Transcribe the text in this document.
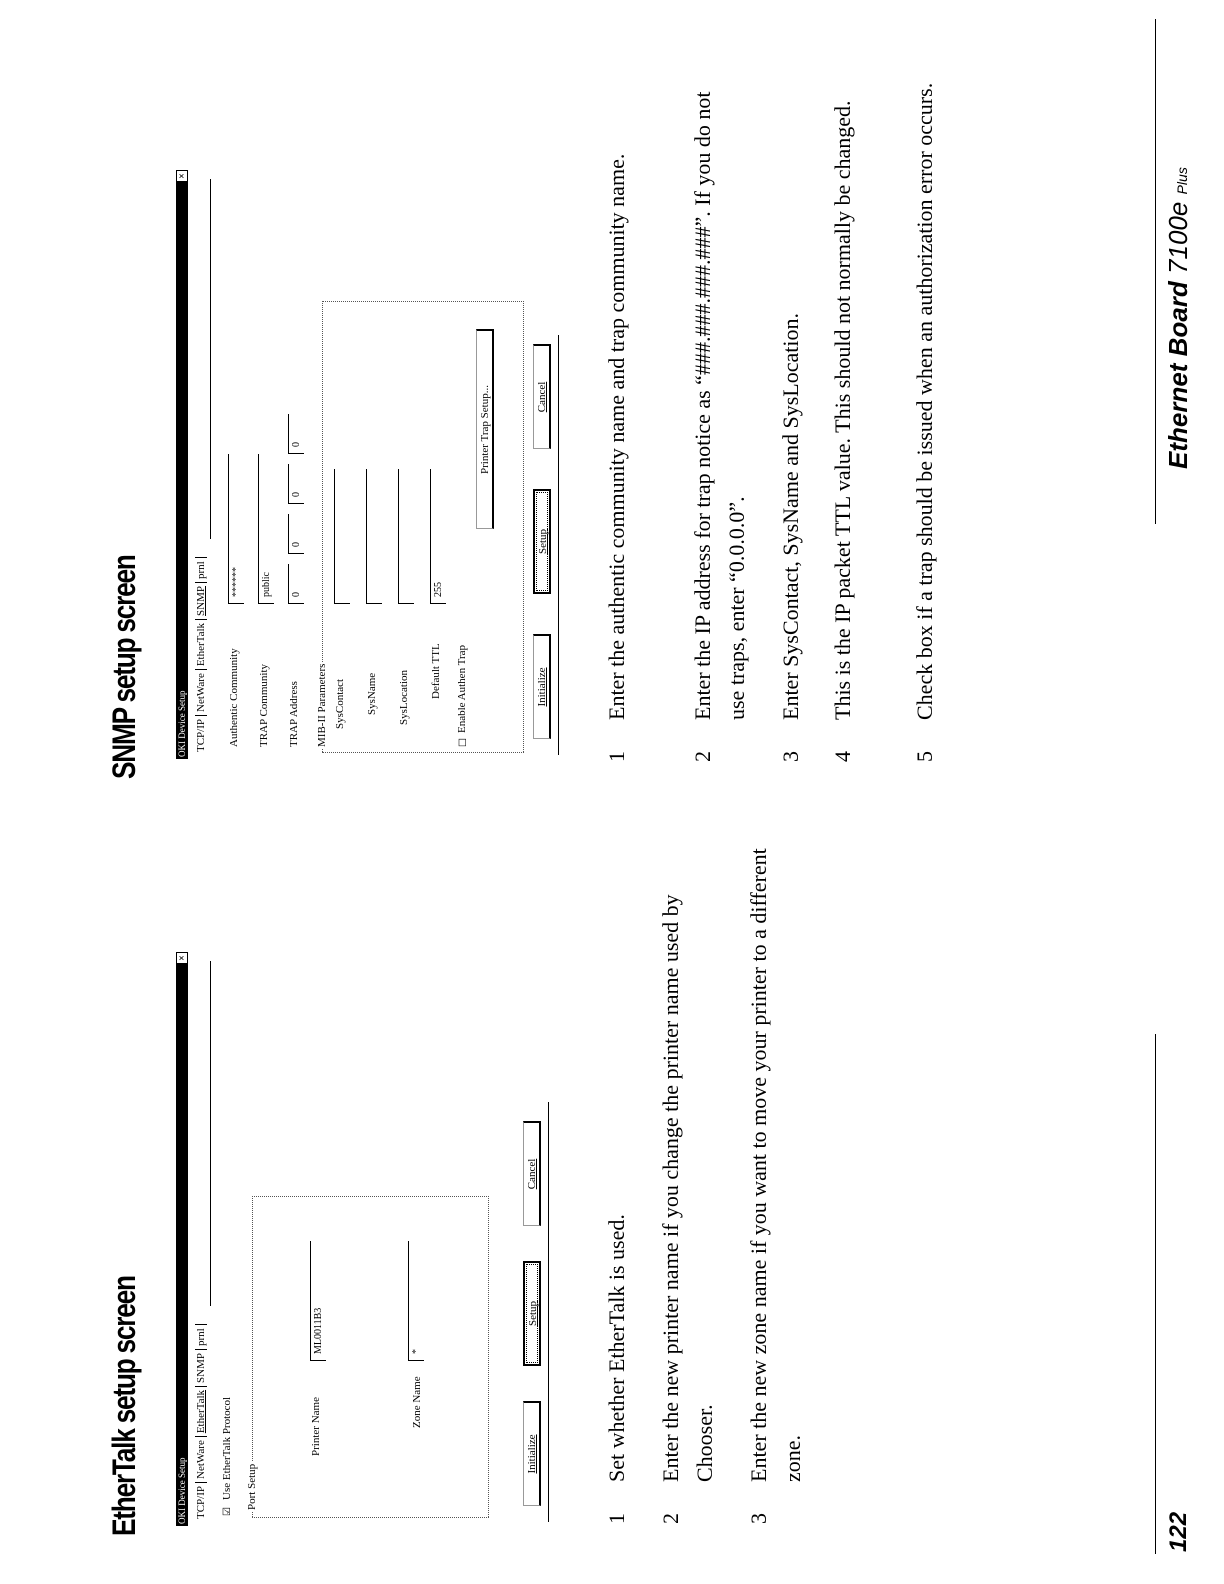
EtherTalk setup screen	OKI Device Setup
×
TCP/IPNetWareEtherTalkSNMPprnl
☑
Use EtherTalk Protocol Port Setup
Printer Name
ML0011B3
Zone Name
*
Initialize
Setup
Cancel
1
Set whether EtherTalk is used.
2
Enter the new printer name if you change the printer name used by Chooser.
3
Enter the new zone name if you want to move your printer to a different zone.
SNMP setup screen	OKI Device Setup
×
TCP/IPNetWareEtherTalkSNMPprnl
Authentic Community
******
TRAP Community
public
TRAP Address
0
0
0
0
MIB-II Parameters SysContact SysName SysLocation Default TTL
255
☐
Enable Authen Trap
Printer Trap Setup...
Initialize
Setup
Cancel
1
Enter the authentic community name and trap community name.
2
Enter the IP address for trap notice as “###.###.###.###”. If you do not use traps, enter “0.0.0.0”.
3
Enter SysContact, SysName and SysLocation.
4
This is the IP packet TTL value. This should not normally be changed.
5
Check box if a trap should be issued when an authorization error occurs.
122
Ethernet Board 7100e Plus
